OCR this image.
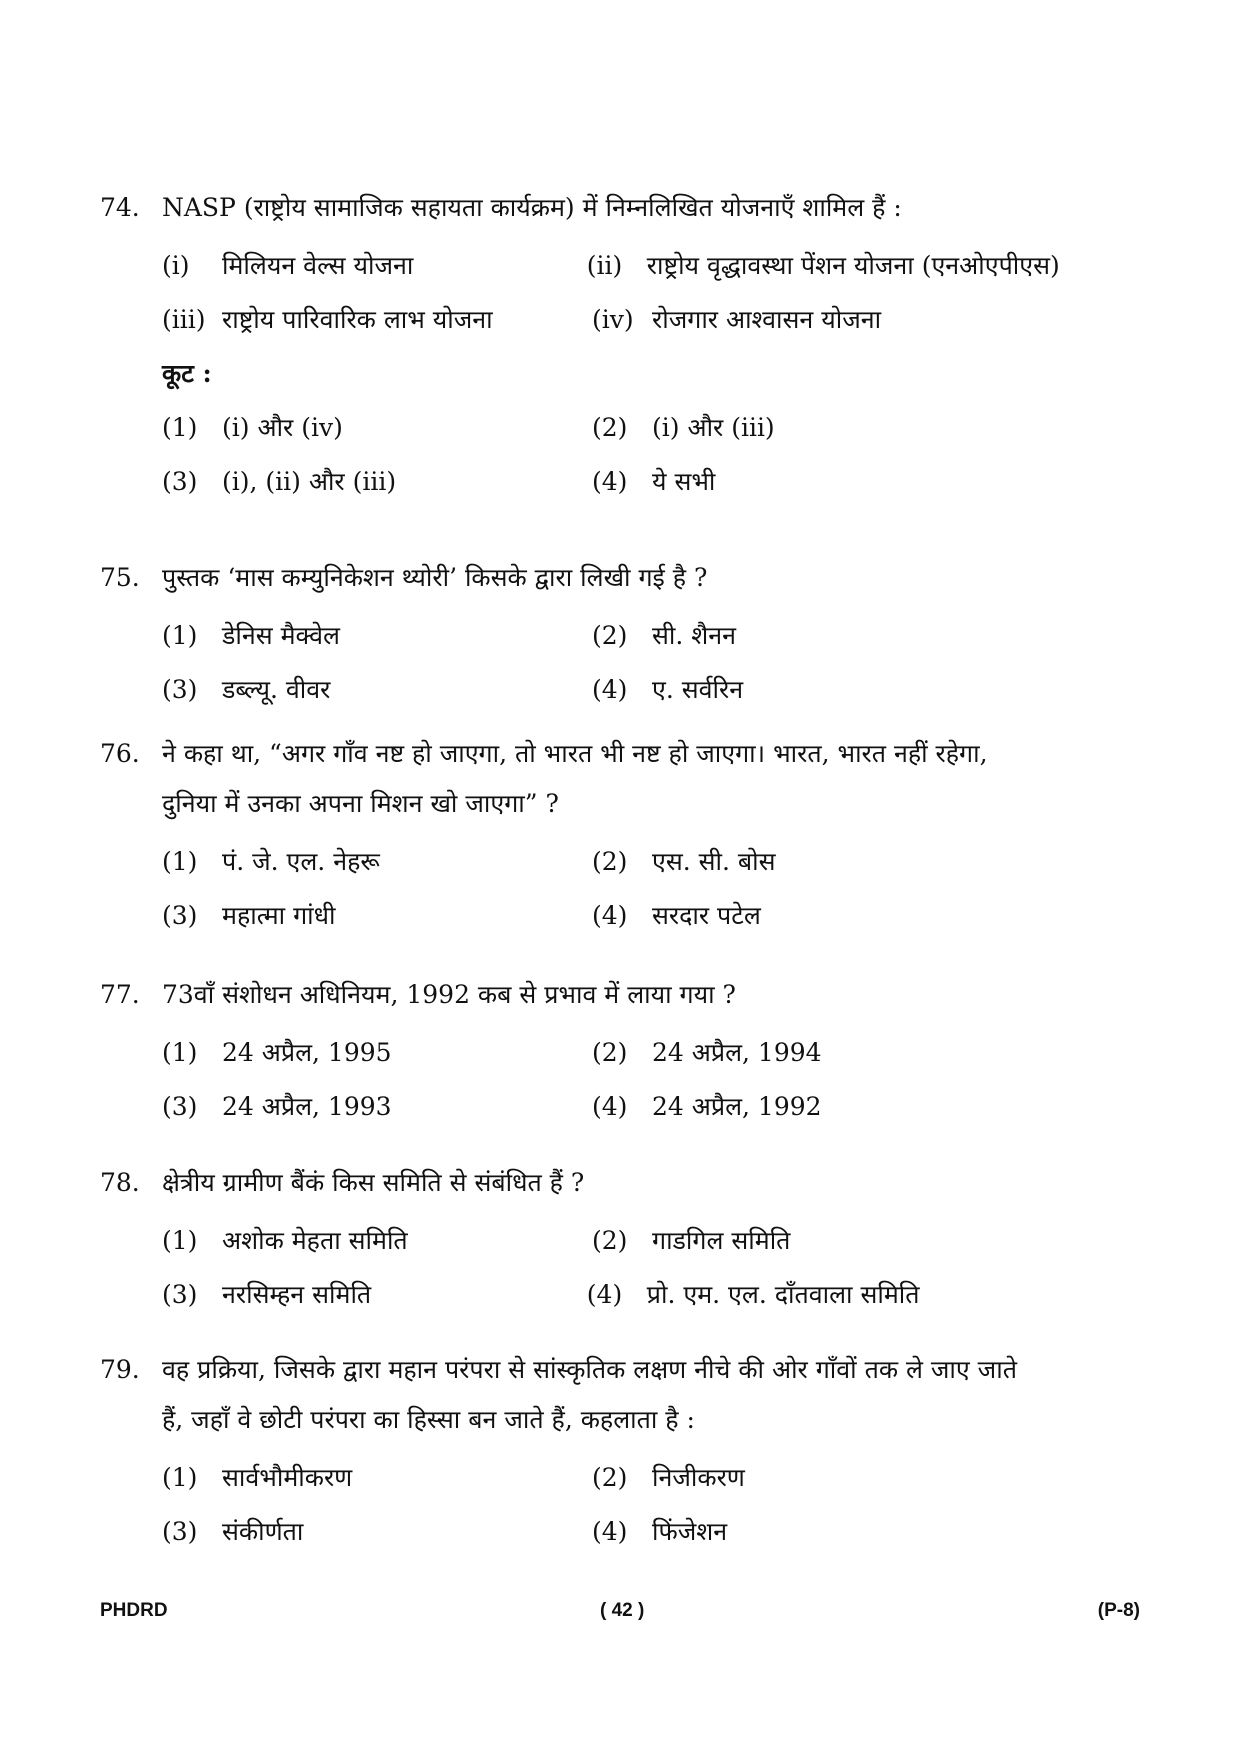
74. NASP (राष्ट्रोय सामाजिक सहायता कार्यक्रम) में निम्नलिखित योजनाएँ शामिल हैं :
(i)	मिलियन वेल्स योजना	(ii) राष्ट्रोय वृद्धावस्था पेंशन योजना (एनओएपीएस)
(iii) राष्ट्रोय पारिवारिक लाभ योजना	(iv) रोजगार आश्वासन योजना
कूट :
(1) (i) और (iv)	(2) (i) और (iii)
(3) (i), (ii) और (iii)	(4) ये सभी
75. पुस्तक ‘मास कम्युनिकेशन थ्योरी’ किसके द्वारा लिखी गई है ?
(1) डेनिस मैक्वेल	(2) सी. शैनन
(3) डब्ल्यू. वीवर	(4) ए. सर्वरिन
76. ने कहा था, “अगर गाँव नष्ट हो जाएगा, तो भारत भी नष्ट हो जाएगा। भारत, भारत नहीं रहेगा,
दुनिया में उनका अपना मिशन खो जाएगा” ?
(1) पं. जे. एल. नेहरू	(2) एस. सी. बोस
(3) महात्मा गांधी	(4) सरदार पटेल
77. 73वाँ संशोधन अधिनियम, 1992 कब से प्रभाव में लाया गया ?
(1) 24 अप्रैल, 1995	(2) 24 अप्रैल, 1994
(3) 24 अप्रैल, 1993	(4) 24 अप्रैल, 1992
78. क्षेत्रीय ग्रामीण बैंकं किस समिति से संबंधित हैं ?
(1) अशोक मेहता समिति	(2) गाडगिल समिति
(3) नरसिम्हन समिति	(4) प्रो. एम. एल. दाँतवाला समिति
79. वह प्रक्रिया, जिसके द्वारा महान परंपरा से सांस्कृतिक लक्षण नीचे की ओर गाँवों तक ले जाए जाते
हैं, जहाँ वे छोटी परंपरा का हिस्सा बन जाते हैं, कहलाता है :
(1) सार्वभौमीकरण	(2) निजीकरण
(3) संकीर्णता	(4) फिंजेशन
PHDRD	( 42 )	(P-8)
